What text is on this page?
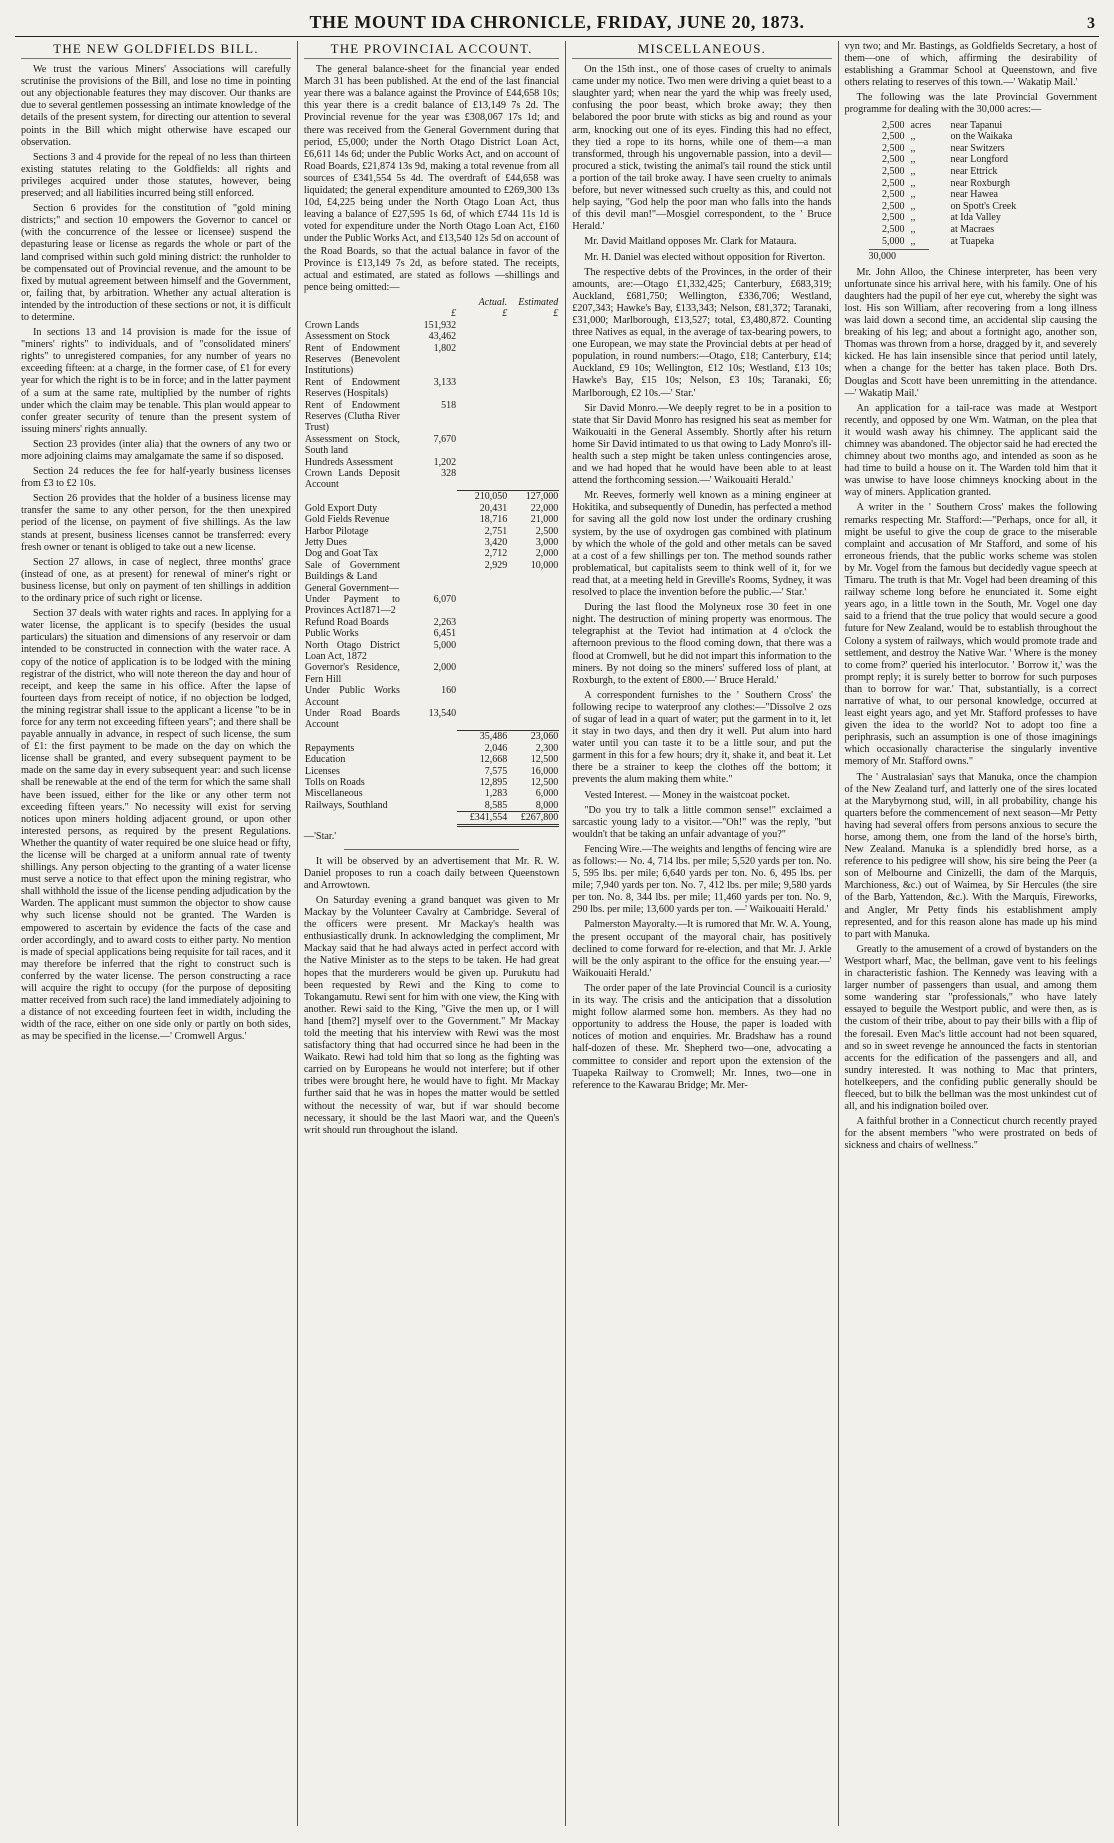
THE MOUNT IDA CHRONICLE, FRIDAY, JUNE 20, 1873.	3
THE NEW GOLDFIELDS BILL.

We trust the various Miners' Associations will carefully scrutinise the provisions of the Bill, and lose no time in pointing out any objectionable features they may discover. Our thanks are due to several gentlemen possessing an intimate knowledge of the details of the present system, for directing our attention to several points in the Bill which might otherwise have escaped our observation.

Sections 3 and 4 provide for the repeal of no less than thirteen existing statutes relating to the Goldfields: all rights and privileges acquired under those statutes, however, being preserved; and all liabilities incurred being still enforced.

Section 6 provides for the constitution of "gold mining districts;" and section 10 empowers the Governor to cancel or (with the concurrence of the lessee or licensee) suspend the depasturing lease or license as regards the whole or part of the land comprised within such gold mining district: the runholder to be compensated out of Provincial revenue, and the amount to be fixed by mutual agreement between himself and the Government, or, failing that, by arbitration. Whether any actual alteration is intended by the introduction of these sections or not, it is difficult to determine.

In sections 13 and 14 provision is made for the issue of "miners' rights" to individuals, and of "consolidated miners' rights" to unregistered companies, for any number of years no exceeding fifteen: at a charge, in the former case, of £1 for every year for which the right is to be in force; and in the latter payment of a sum at the same rate, multiplied by the number of rights under which the claim may be tenable. This plan would appear to confer greater security of tenure than the present system of issuing miners' rights annually.

Section 23 provides (inter alia) that the owners of any two or more adjoining claims may amalgamate the same if so disposed.

Section 24 reduces the fee for half-yearly business licenses from £3 to £2 10s.

Section 26 provides that the holder of a business license may transfer the same to any other person, for the then unexpired period of the license, on payment of five shillings. As the law stands at present, business licenses cannot be transferred: every fresh owner or tenant is obliged to take out a new license.

Section 27 allows, in case of neglect, three months' grace (instead of one, as at present) for renewal of miner's right or business license, but only on payment of ten shillings in addition to the ordinary price of such right or license.

Section 37 deals with water rights and races. In applying for a water license, the applicant is to specify (besides the usual particulars) the situation and dimensions of any reservoir or dam intended to be constructed in connection with the water race. A copy of the notice of application is to be lodged with the mining registrar of the district, who will note thereon the day and hour of receipt, and keep the same in his office. After the lapse of fourteen days from receipt of notice, if no objection be lodged, the mining registrar shall issue to the applicant a license "to be in force for any term not exceeding fifteen years"; and there shall be payable annually in advance, in respect of such license, the sum of £1: the first payment to be made on the day on which the license shall be granted, and every subsequent payment to be made on the same day in every subsequent year: and such license shall be renewable at the end of the term for which the same shall have been issued, either for the like or any other term not exceeding fifteen years." No necessity will exist for serving notices upon miners holding adjacent ground, or upon other interested persons, as required by the present Regulations. Whether the quantity of water required be one sluice head or fifty, the license will be charged at a uniform annual rate of twenty shillings. Any person objecting to the granting of a water license must serve a notice to that effect upon the mining registrar, who shall withhold the issue of the license pending adjudication by the Warden. The applicant must summon the objector to show cause why such license should not be granted. The Warden is empowered to ascertain by evidence the facts of the case and order accordingly, and to award costs to either party. No mention is made of special applications being requisite for tail races, and it may therefore be inferred that the right to construct such is conferred by the water license. The person constructing a race will acquire the right to occupy (for the purpose of depositing matter received from such race) the land immediately adjoining to a distance of not exceeding fourteen feet in width, including the width of the race, either on one side only or partly on both sides, as may be specified in the license.—' Cromwell Argus.'

THE PROVINCIAL ACCOUNT.

The general balance-sheet for the financial year ended March 31 has been published. At the end of the last financial year there was a balance against the Province of £44,658 10s; this year there is a credit balance of £13,149 7s 2d. The Provincial revenue for the year was £308,067 17s 1d; and there was received from the General Government during that period, £5,000; under the North Otago District Loan Act, £6,611 14s 6d; under the Public Works Act, and on account of Road Boards, £21,874 13s 9d, making a total revenue from all sources of £341,554 5s 4d. The overdraft of £44,658 was liquidated; the general expenditure amounted to £269,300 13s 10d, £4,225 being under the North Otago Loan Act, thus leaving a balance of £27,595 1s 6d, of which £744 11s 1d is voted for expenditure under the North Otago Loan Act, £160 under the Public Works Act, and £13,540 12s 5d on account of the Road Boards, so that the actual balance in favor of the Province is £13,149 7s 2d, as before stated. The receipts, actual and estimated, are stated as follows —shillings and pence being omitted:—

		Actual.	Estimated
	£	£	£
Crown Lands	151,932		
Assessment on Stock	43,462		
Rent of Endowment Reserves (Benevolent Institutions)	1,802		
Rent of Endowment Reserves (Hospitals)	3,133		
Rent of Endowment Reserves (Clutha River Trust)	518		
Assessment on Stock, South land	7,670		
Hundreds Assessment	1,202		
Crown Lands Deposit Account	328		
		210,050	127,000
Gold Export Duty		20,431	22,000
Gold Fields Revenue		18,716	21,000
Harbor Pilotage		2,751	2,500
Jetty Dues		3,420	3,000
Dog and Goat Tax		2,712	2,000
Sale of Government Buildings & Land		2,929	10,000
General Government—			
Under Payment to Provinces Act1871—2	6,070		
Refund Road Boards	2,263		
Public Works	6,451		
North Otago District Loan Act, 1872	5,000		
Governor's Residence, Fern Hill	2,000		
Under Public Works Account	160		
Under Road Boards Account	13,540		
		35,486	23,060
Repayments		2,046	2,300
Education		12,668	12,500
Licenses		7,575	16,000
Tolls on Roads		12,895	12,500
Miscellaneous		1,283	6,000
Railways, Southland		8,585	8,000
		£341,554	£267,800
—'Star.'

It will be observed by an advertisement that Mr. R. W. Daniel proposes to run a coach daily between Queenstown and Arrowtown.

On Saturday evening a grand banquet was given to Mr Mackay by the Volunteer Cavalry at Cambridge. Several of the officers were present. Mr Mackay's health was enthusiastically drunk. In acknowledging the compliment, Mr Mackay said that he had always acted in perfect accord with the Native Minister as to the steps to be taken. He had great hopes that the murderers would be given up. Purukutu had been requested by Rewi and the King to come to Tokangamutu. Rewi sent for him with one view, the King with another. Rewi said to the King, "Give the men up, or I will hand [them?] myself over to the Government." Mr Mackay told the meeting that his interview with Rewi was the most satisfactory thing that had occurred since he had been in the Waikato. Rewi had told him that so long as the fighting was carried on by Europeans he would not interfere; but if other tribes were brought here, he would have to fight. Mr Mackay further said that he was in hopes the matter would be settled without the necessity of war, but if war should become necessary, it should be the last Maori war, and the Queen's writ should run throughout the island.

MISCELLANEOUS.

On the 15th inst., one of those cases of cruelty to animals came under my notice. Two men were driving a quiet beast to a slaughter yard; when near the yard the whip was freely used, confusing the poor beast, which broke away; they then belabored the poor brute with sticks as big and round as your arm, knocking out one of its eyes. Finding this had no effect, they tied a rope to its horns, while one of them—a man transformed, through his ungovernable passion, into a devil—procured a stick, twisting the animal's tail round the stick until a portion of the tail broke away. I have seen cruelty to animals before, but never witnessed such cruelty as this, and could not help saying, "God help the poor man who falls into the hands of this devil man!"—Mosgiel correspondent, to the ' Bruce Herald.'

Mr. David Maitland opposes Mr. Clark for Mataura.

Mr. H. Daniel was elected without opposition for Riverton.

The respective debts of the Provinces, in the order of their amounts, are:—Otago £1,332,425; Canterbury, £683,319; Auckland, £681,750; Wellington, £336,706; Westland, £207,343; Hawke's Bay, £133,343; Nelson, £81,372; Taranaki, £31,000; Marlborough, £13,527; total, £3,480,872. Counting three Natives as equal, in the average of tax-bearing powers, to one European, we may state the Provincial debts at per head of population, in round numbers:—Otago, £18; Canterbury, £14; Auckland, £9 10s; Wellington, £12 10s; Westland, £13 10s; Hawke's Bay, £15 10s; Nelson, £3 10s; Taranaki, £6; Marlborough, £2 10s.—' Star.'

Sir David Monro.—We deeply regret to be in a position to state that Sir David Monro has resigned his seat as member for Waikouaiti in the General Assembly. Shortly after his return home Sir David intimated to us that owing to Lady Monro's ill-health such a step might be taken unless contingencies arose, and we had hoped that he would have been able to at least attend the forthcoming session.—' Waikouaiti Herald.'

Mr. Reeves, formerly well known as a mining engineer at Hokitika, and subsequently of Dunedin, has perfected a method for saving all the gold now lost under the ordinary crushing system, by the use of oxydrogen gas combined with platinum by which the whole of the gold and other metals can be saved at a cost of a few shillings per ton. The method sounds rather problematical, but capitalists seem to think well of it, for we read that, at a meeting held in Greville's Rooms, Sydney, it was resolved to place the invention before the public.—' Star.'

During the last flood the Molyneux rose 30 feet in one night. The destruction of mining property was enormous. The telegraphist at the Teviot had intimation at 4 o'clock the afternoon previous to the flood coming down, that there was a flood at Cromwell, but he did not impart this information to the miners. By not doing so the miners' suffered loss of plant, at Roxburgh, to the extent of £800.—' Bruce Herald.'

A correspondent furnishes to the ' Southern Cross' the following recipe to waterproof any clothes:—"Dissolve 2 ozs of sugar of lead in a quart of water; put the garment in to it, let it stay in two days, and then dry it well. Put alum into hard water until you can taste it to be a little sour, and put the garment in this for a few hours; dry it, shake it, and beat it. Let there be a strainer to keep the clothes off the bottom; it prevents the alum making them white."

Vested Interest. — Money in the waistcoat pocket.

"Do you try to talk a little common sense!" exclaimed a sarcastic young lady to a visitor.—"Oh!" was the reply, "but wouldn't that be taking an unfair advantage of you?"

Fencing Wire.—The weights and lengths of fencing wire are as follows:— No. 4, 714 lbs. per mile; 5,520 yards per ton. No. 5, 595 lbs. per mile; 6,640 yards per ton. No. 6, 495 lbs. per mile; 7,940 yards per ton. No. 7, 412 lbs. per mile; 9,580 yards per ton. No. 8, 344 lbs. per mile; 11,460 yards per ton. No. 9, 290 lbs. per mile; 13,600 yards per ton. —' Waikouaiti Herald.'

Palmerston Mayoralty.—It is rumored that Mr. W. A. Young, the present occupant of the mayoral chair, has positively declined to come forward for re-election, and that Mr. J. Arkle will be the only aspirant to the office for the ensuing year.—' Waikouaiti Herald.'

The order paper of the late Provincial Council is a curiosity in its way. The crisis and the anticipation that a dissolution might follow alarmed some hon. members. As they had no opportunity to address the House, the paper is loaded with notices of motion and enquiries. Mr. Bradshaw has a round half-dozen of these. Mr. Shepherd two—one, advocating a committee to consider and report upon the extension of the Tuapeka Railway to Cromwell; Mr. Innes, two—one in reference to the Kawarau Bridge; Mr. Mer-

vyn two; and Mr. Bastings, as Goldfields Secretary, a host of them—one of which, affirming the desirability of establishing a Grammar School at Queenstown, and five others relating to reserves of this town.—' Wakatip Mail.'

The following was the late Provincial Government programme for dealing with the 30,000 acres:—

2,500 acres	near Tapanui
2,500 ,,	on the Waikaka
2,500 ,,	near Switzers
2,500 ,,	near Longford
2,500 ,,	near Ettrick
2,500 ,,	near Roxburgh
2,500 ,,	near Hawea
2,500 ,,	on Spott's Creek
2,500 ,,	at Ida Valley
2,500 ,,	at Macraes
5,000 ,,	at Tuapeka
30,000

Mr. John Alloo, the Chinese interpreter, has been very unfortunate since his arrival here, with his family. One of his daughters had the pupil of her eye cut, whereby the sight was lost. His son William, after recovering from a long illness was laid down a second time, an accidental slip causing the breaking of his leg; and about a fortnight ago, another son, Thomas was thrown from a horse, dragged by it, and severely kicked. He has lain insensible since that period until lately, when a change for the better has taken place. Both Drs. Douglas and Scott have been unremitting in the attendance.—' Wakatip Mail.'

An application for a tail-race was made at Westport recently, and opposed by one Wm. Watman, on the plea that it would wash away his chimney. The applicant said the chimney was abandoned. The objector said he had erected the chimney about two months ago, and intended as soon as he had time to build a house on it. The Warden told him that it was unwise to have loose chimneys knocking about in the way of miners. Application granted.

A writer in the ' Southern Cross' makes the following remarks respecting Mr. Stafford:—"Perhaps, once for all, it might be useful to give the coup de grace to the miserable complaint and accusation of Mr Stafford, and some of his erroneous friends, that the public works scheme was stolen by Mr. Vogel from the famous but decidedly vague speech at Timaru. The truth is that Mr. Vogel had been dreaming of this railway scheme long before he enunciated it. Some eight years ago, in a little town in the South, Mr. Vogel one day said to a friend that the true policy that would secure a good future for New Zealand, would be to establish throughout the Colony a system of railways, which would promote trade and settlement, and destroy the Native War. ' Where is the money to come from?' queried his interlocutor. ' Borrow it,' was the prompt reply; it is surely better to borrow for such purposes than to borrow for war.' That, substantially, is a correct narrative of what, to our personal knowledge, occurred at least eight years ago, and yet Mr. Stafford professes to have given the idea to the world? Not to adopt too fine a periphrasis, such an assumption is one of those imaginings which occasionally characterise the singularly inventive memory of Mr. Stafford owns."

The ' Australasian' says that Manuka, once the champion of the New Zealand turf, and latterly one of the sires located at the Marybyrnong stud, will, in all probability, change his quarters before the commencement of next season—Mr Petty having had several offers from persons anxious to secure the horse, among them, one from the land of the horse's birth, New Zealand. Manuka is a splendidly bred horse, as a reference to his pedigree will show, his sire being the Peer (a son of Melbourne and Cinizelli, the dam of the Marquis, Marchioness, &c.) out of Waimea, by Sir Hercules (the sire of the Barb, Yattendon, &c.). With the Marquis, Fireworks, and Angler, Mr Petty finds his establishment amply represented, and for this reason alone has made up his mind to part with Manuka.

Greatly to the amusement of a crowd of bystanders on the Westport wharf, Mac, the bellman, gave vent to his feelings in characteristic fashion. The Kennedy was leaving with a larger number of passengers than usual, and among them some wandering star "professionals," who have lately essayed to beguile the Westport public, and were then, as is the custom of their tribe, about to pay their bills with a flip of the foresail. Even Mac's little account had not been squared, and so in sweet revenge he announced the facts in stentorian accents for the edification of the passengers and all, and sundry interested. It was nothing to Mac that printers, hotelkeepers, and the confiding public generally should be fleeced, but to bilk the bellman was the most unkindest cut of all, and his indignation boiled over.

A faithful brother in a Connecticut church recently prayed for the absent members "who were prostrated on beds of sickness and chairs of wellness."
